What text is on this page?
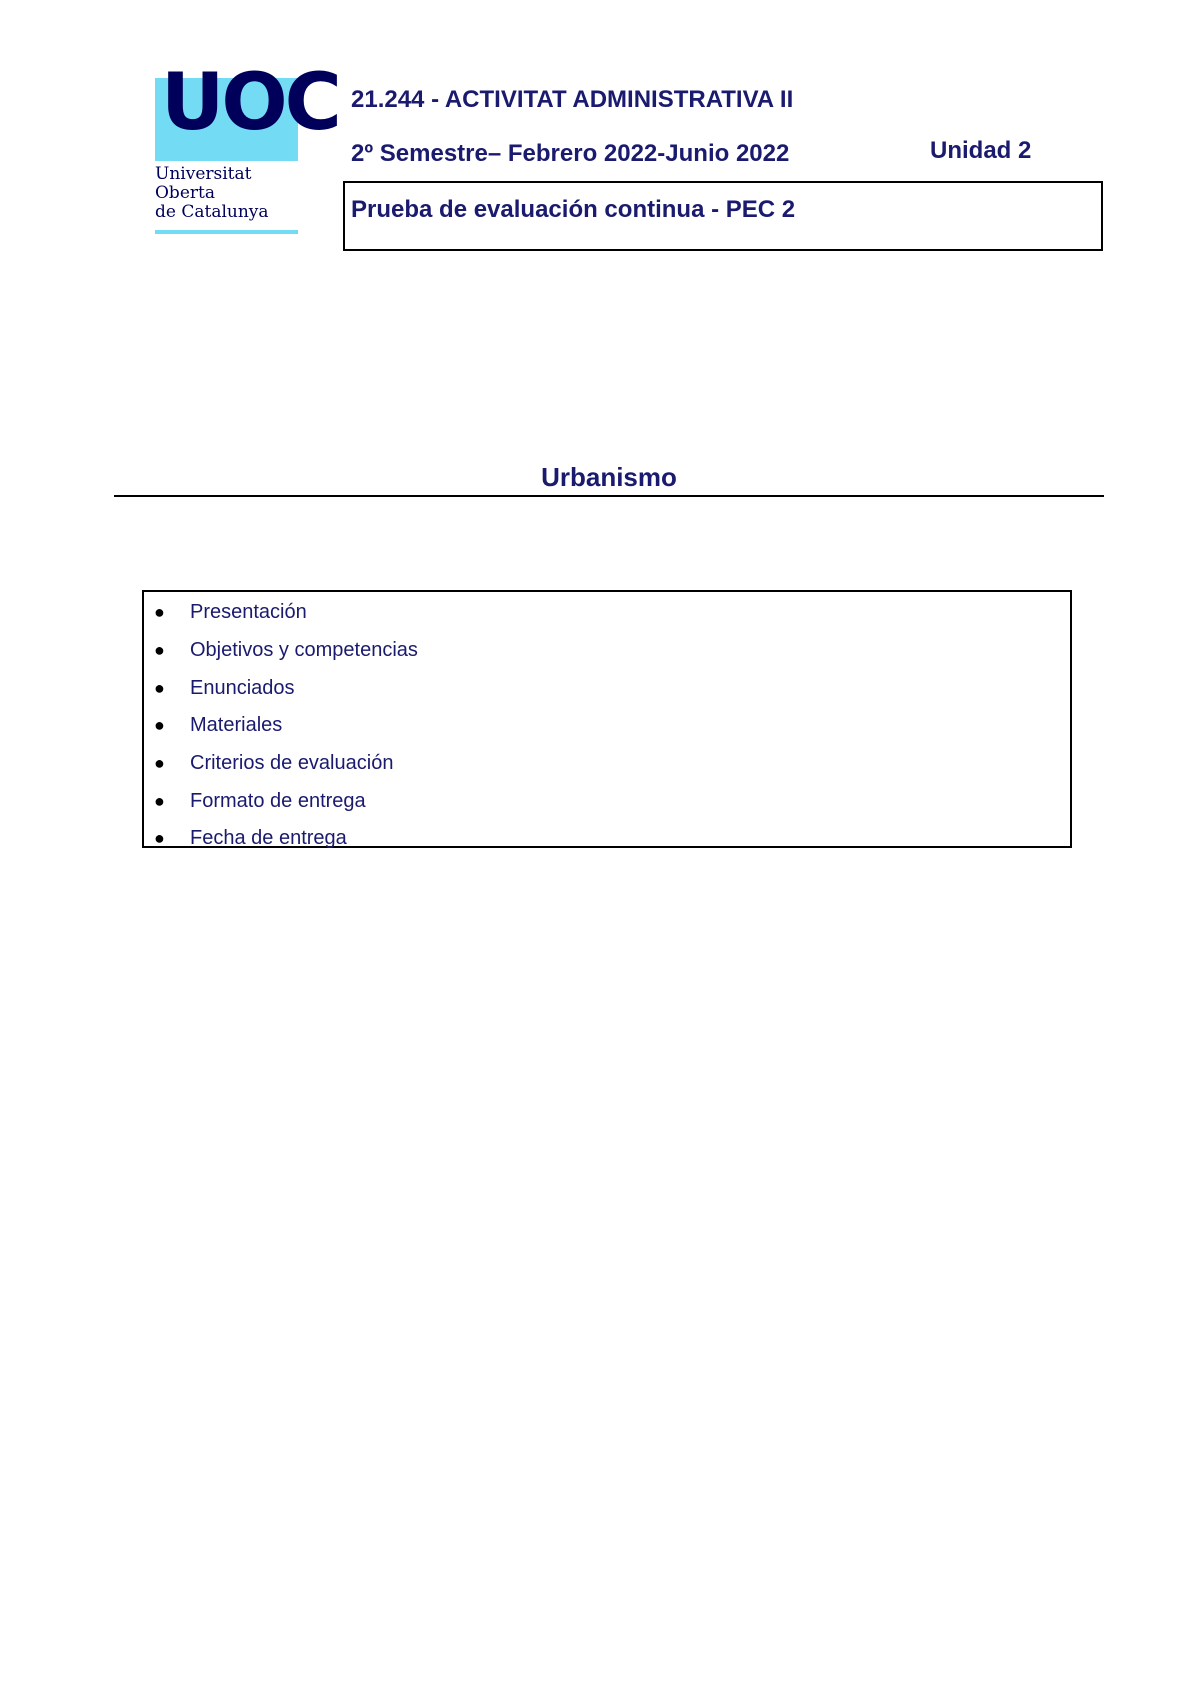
UOC
Universitat
Oberta
de Catalunya
21.244 - ACTIVITAT ADMINISTRATIVA II
2º Semestre– Febrero 2022-Junio 2022	Unidad 2
Prueba de evaluación continua - PEC 2
Urbanismo
●	Presentación
●	Objetivos y competencias
●	Enunciados
●	Materiales
●	Criterios de evaluación
●	Formato de entrega
●	Fecha de entrega
